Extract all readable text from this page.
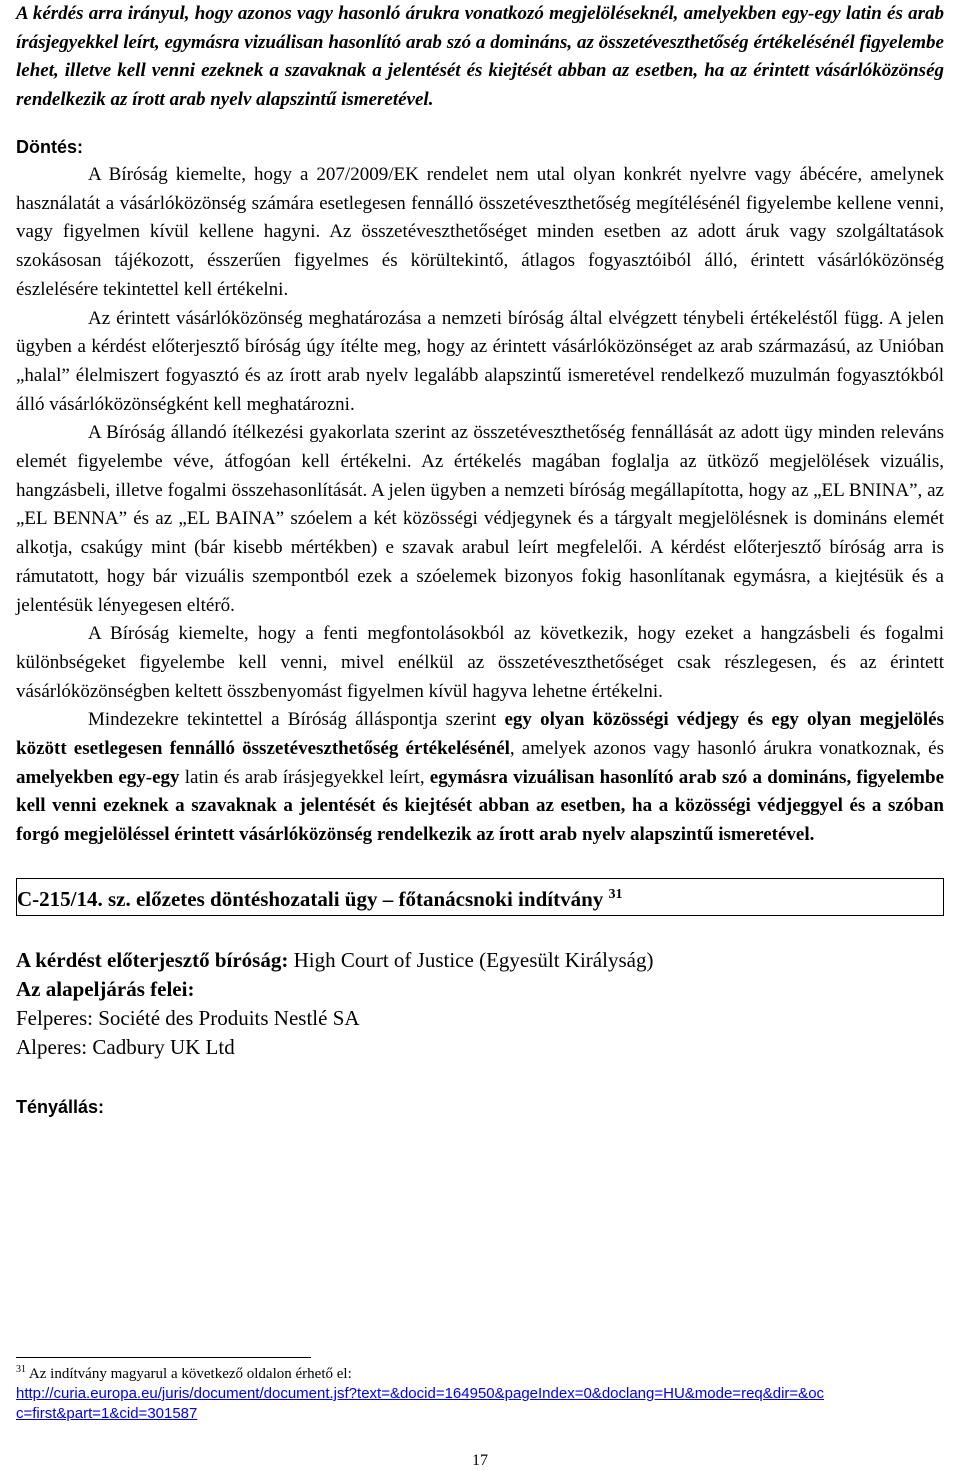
A kérdés arra irányul, hogy azonos vagy hasonló árukra vonatkozó megjelöléseknél, amelyekben egy-egy latin és arab írásjegyekkel leírt, egymásra vizuálisan hasonlító arab szó a domináns, az összetéveszthetőség értékelésénél figyelembe lehet, illetve kell venni ezeknek a szavaknak a jelentését és kiejtését abban az esetben, ha az érintett vásárlóközönség rendelkezik az írott arab nyelv alapszintű ismeretével.

Döntés:

A Bíróság kiemelte, hogy a 207/2009/EK rendelet nem utal olyan konkrét nyelvre vagy ábécére, amelynek használatát a vásárlóközönség számára esetlegesen fennálló összetéveszthetőség megítélésénél figyelembe kellene venni, vagy figyelmen kívül kellene hagyni. Az összetéveszthetőséget minden esetben az adott áruk vagy szolgáltatások szokásosan tájékozott, ésszerűen figyelmes és körültekintő, átlagos fogyasztóiból álló, érintett vásárlóközönség észlelésére tekintettel kell értékelni.

Az érintett vásárlóközönség meghatározása a nemzeti bíróság által elvégzett ténybeli értékeléstől függ. A jelen ügyben a kérdést előterjesztő bíróság úgy ítélte meg, hogy az érintett vásárlóközönséget az arab származású, az Unióban „halal” élelmiszert fogyasztó és az írott arab nyelv legalább alapszintű ismeretével rendelkező muzulmán fogyasztókból álló vásárlóközönségként kell meghatározni.

A Bíróság állandó ítélkezési gyakorlata szerint az összetéveszthetőség fennállását az adott ügy minden releváns elemét figyelembe véve, átfogóan kell értékelni. Az értékelés magában foglalja az ütköző megjelölések vizuális, hangzásbeli, illetve fogalmi összehasonlítását. A jelen ügyben a nemzeti bíróság megállapította, hogy az „EL BNINA”, az „EL BENNA” és az „EL BAINA” szóelem a két közösségi védjegynek és a tárgyalt megjelölésnek is domináns elemét alkotja, csakúgy mint (bár kisebb mértékben) e szavak arabul leírt megfelelői. A kérdést előterjesztő bíróság arra is rámutatott, hogy bár vizuális szempontból ezek a szóelemek bizonyos fokig hasonlítanak egymásra, a kiejtésük és a jelentésük lényegesen eltérő.

A Bíróság kiemelte, hogy a fenti megfontolásokból az következik, hogy ezeket a hangzásbeli és fogalmi különbségeket figyelembe kell venni, mivel enélkül az összetéveszthetőséget csak részlegesen, és az érintett vásárlóközönségben keltett összbenyomást figyelmen kívül hagyva lehetne értékelni.

Mindezekre tekintettel a Bíróság álláspontja szerint egy olyan közösségi védjegy és egy olyan megjelölés között esetlegesen fennálló összetéveszthetőség értékelésénél, amelyek azonos vagy hasonló árukra vonatkoznak, és amelyekben egy-egy latin és arab írásjegyekkel leírt, egymásra vizuálisan hasonlító arab szó a domináns, figyelembe kell venni ezeknek a szavaknak a jelentését és kiejtését abban az esetben, ha a közösségi védjeggyel és a szóban forgó megjelöléssel érintett vásárlóközönség rendelkezik az írott arab nyelv alapszintű ismeretével.

C-215/14. sz. előzetes döntéshozatali ügy – főtanácsnoki indítvány $^{31}$
A kérdést előterjesztő bíróság: High Court of Justice (Egyesült Királyság)
Az alapeljárás felei:
Felperes: Société des Produits Nestlé SA
Alperes: Cadbury UK Ltd
Tényállás:
$^{31}$ Az indítvány magyarul a következő oldalon érhető el:
http://curia.europa.eu/juris/document/document.jsf?text=&docid=164950&pageIndex=0&doclang=HU&mode=req&dir=&oc
c=first&part=1&cid=301587
17
